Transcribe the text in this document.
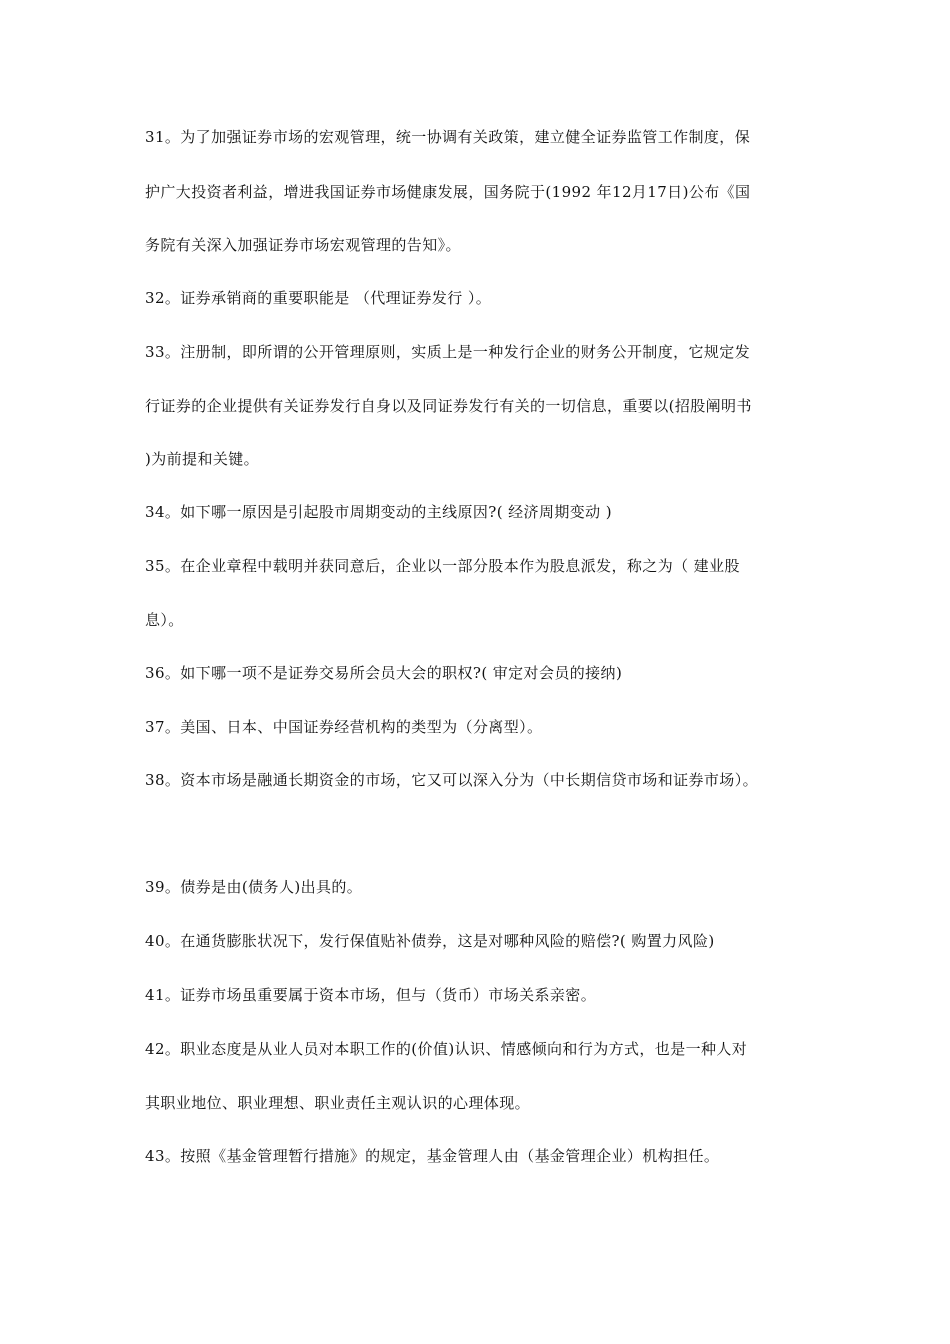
31。为了加强证券市场的宏观管理，统一协调有关政策，建立健全证券监管工作制度，保
护广大投资者利益，增进我国证券市场健康发展，国务院于(1992 年12月17日)公布《国
务院有关深入加强证券市场宏观管理的告知》。
32。证券承销商的重要职能是 （代理证券发行 ）。
33。注册制，即所谓的公开管理原则，实质上是一种发行企业的财务公开制度，它规定发
行证券的企业提供有关证券发行自身以及同证券发行有关的一切信息，重要以(招股阐明书
)为前提和关键。
34。如下哪一原因是引起股市周期变动的主线原因?( 经济周期变动 )
35。在企业章程中载明并获同意后，企业以一部分股本作为股息派发，称之为（ 建业股
息）。
36。如下哪一项不是证券交易所会员大会的职权?( 审定对会员的接纳)
37。美国、日本、中国证券经营机构的类型为（分离型）。
38。资本市场是融通长期资金的市场，它又可以深入分为（中长期信贷市场和证券市场）。
39。债券是由(债务人)出具的。
40。在通货膨胀状况下，发行保值贴补债券，这是对哪种风险的赔偿?( 购置力风险)
41。证券市场虽重要属于资本市场，但与（货币）市场关系亲密。
42。职业态度是从业人员对本职工作的(价值)认识、情感倾向和行为方式，也是一种人对
其职业地位、职业理想、职业责任主观认识的心理体现。
43。按照《基金管理暂行措施》的规定，基金管理人由（基金管理企业）机构担任。
